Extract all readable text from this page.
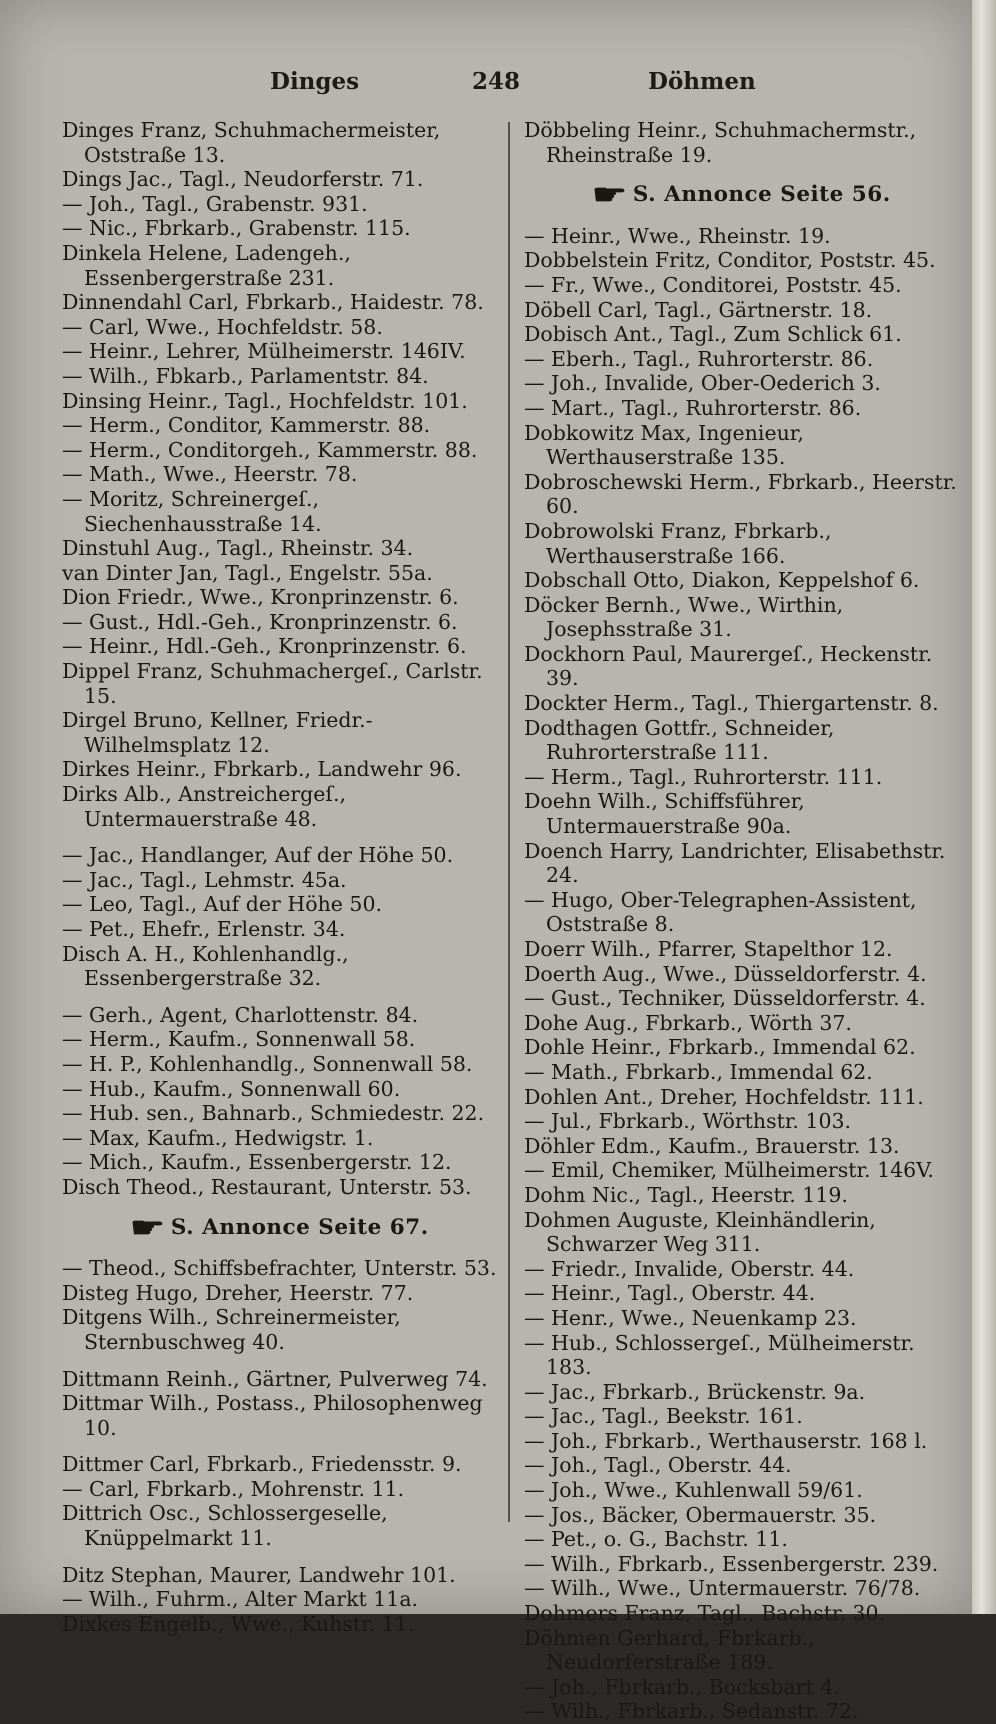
Dinges	248	Döhmen

Dinges Franz, Schuhmachermeister, Oststraße 13.

Dings Jac., Tagl., Neudorferstr. 71.

— Joh., Tagl., Grabenstr. 931.

— Nic., Fbrkarb., Grabenstr. 115.

Dinkela Helene, Ladengeh., Essenbergerstraße 231.

Dinnendahl Carl, Fbrkarb., Haidestr. 78.

— Carl, Wwe., Hochfeldstr. 58.

— Heinr., Lehrer, Mülheimerstr. 146IV.

— Wilh., Fbkarb., Parlamentstr. 84.

Dinsing Heinr., Tagl., Hochfeldstr. 101.

— Herm., Conditor, Kammerstr. 88.

— Herm., Conditorgeh., Kammerstr. 88.

— Math., Wwe., Heerstr. 78.

— Moritz, Schreinergeſ., Siechenhausstraße 14.

Dinstuhl Aug., Tagl., Rheinstr. 34.

van Dinter Jan, Tagl., Engelstr. 55a.

Dion Friedr., Wwe., Kronprinzenstr. 6.

— Gust., Hdl.-Geh., Kronprinzenstr. 6.

— Heinr., Hdl.-Geh., Kronprinzenstr. 6.

Dippel Franz, Schuhmachergeſ., Carlstr. 15.

Dirgel Bruno, Kellner, Friedr.-Wilhelmsplatz 12.

Dirkes Heinr., Fbrkarb., Landwehr 96.

Dirks Alb., Anstreichergeſ., Untermauerstraße 48.

— Jac., Handlanger, Auf der Höhe 50.

— Jac., Tagl., Lehmstr. 45a.

— Leo, Tagl., Auf der Höhe 50.

— Pet., Ehefr., Erlenstr. 34.

Disch A. H., Kohlenhandlg., Essenbergerstraße 32.

— Gerh., Agent, Charlottenstr. 84.

— Herm., Kaufm., Sonnenwall 58.

— H. P., Kohlenhandlg., Sonnenwall 58.

— Hub., Kaufm., Sonnenwall 60.

— Hub. sen., Bahnarb., Schmiedestr. 22.

— Max, Kaufm., Hedwigstr. 1.

— Mich., Kaufm., Essenbergerstr. 12.

Disch Theod., Restaurant, Unterstr. 53.

☛ S. Annonce Seite 67.

— Theod., Schiffsbefrachter, Unterstr. 53.

Disteg Hugo, Dreher, Heerstr. 77.

Ditgens Wilh., Schreinermeister, Sternbuschweg 40.

Dittmann Reinh., Gärtner, Pulverweg 74.

Dittmar Wilh., Postass., Philosophenweg 10.

Dittmer Carl, Fbrkarb., Friedensstr. 9.

— Carl, Fbrkarb., Mohrenstr. 11.

Dittrich Osc., Schlossergeselle, Knüppelmarkt 11.

Ditz Stephan, Maurer, Landwehr 101.

— Wilh., Fuhrm., Alter Markt 11a.

Dixkes Engelb., Wwe., Kuhstr. 11.

Döbbeling Heinr., Schuhmachermstr., Rheinstraße 19.

☛ S. Annonce Seite 56.

— Heinr., Wwe., Rheinstr. 19.

Dobbelstein Fritz, Conditor, Poststr. 45.

— Fr., Wwe., Conditorei, Poststr. 45.

Döbell Carl, Tagl., Gärtnerstr. 18.

Dobisch Ant., Tagl., Zum Schlick 61.

— Eberh., Tagl., Ruhrorterstr. 86.

— Joh., Invalide, Ober-Oederich 3.

— Mart., Tagl., Ruhrorterstr. 86.

Dobkowitz Max, Ingenieur, Werthauserstraße 135.

Dobroschewski Herm., Fbrkarb., Heerstr. 60.

Dobrowolski Franz, Fbrkarb., Werthauserstraße 166.

Dobschall Otto, Diakon, Keppelshof 6.

Döcker Bernh., Wwe., Wirthin, Josephsstraße 31.

Dockhorn Paul, Maurergeſ., Heckenstr. 39.

Dockter Herm., Tagl., Thiergartenstr. 8.

Dodthagen Gottfr., Schneider, Ruhrorterstraße 111.

— Herm., Tagl., Ruhrorterstr. 111.

Doehn Wilh., Schiffsführer, Untermauerstraße 90a.

Doench Harry, Landrichter, Elisabethstr. 24.

— Hugo, Ober-Telegraphen-Assistent, Oststraße 8.

Doerr Wilh., Pfarrer, Stapelthor 12.

Doerth Aug., Wwe., Düsseldorferstr. 4.

— Gust., Techniker, Düsseldorferstr. 4.

Dohe Aug., Fbrkarb., Wörth 37.

Dohle Heinr., Fbrkarb., Immendal 62.

— Math., Fbrkarb., Immendal 62.

Dohlen Ant., Dreher, Hochfeldstr. 111.

— Jul., Fbrkarb., Wörthstr. 103.

Döhler Edm., Kaufm., Brauerstr. 13.

— Emil, Chemiker, Mülheimerstr. 146V.

Dohm Nic., Tagl., Heerstr. 119.

Dohmen Auguste, Kleinhändlerin, Schwarzer Weg 311.

— Friedr., Invalide, Oberstr. 44.

— Heinr., Tagl., Oberstr. 44.

— Henr., Wwe., Neuenkamp 23.

— Hub., Schlossergeſ., Mülheimerstr. 183.

— Jac., Fbrkarb., Brückenstr. 9a.

— Jac., Tagl., Beekstr. 161.

— Joh., Fbrkarb., Werthauserstr. 168 l.

— Joh., Tagl., Oberstr. 44.

— Joh., Wwe., Kuhlenwall 59/61.

— Jos., Bäcker, Obermauerstr. 35.

— Pet., o. G., Bachstr. 11.

— Wilh., Fbrkarb., Essenbergerstr. 239.

— Wilh., Wwe., Untermauerstr. 76/78.

Dohmers Franz, Tagl., Bachstr. 30.

Döhmen Gerhard, Fbrkarb., Neudorferstraße 189.

— Joh., Fbrkarb., Bocksbart 4.

— Wilh., Fbrkarb., Sedanstr. 72.
